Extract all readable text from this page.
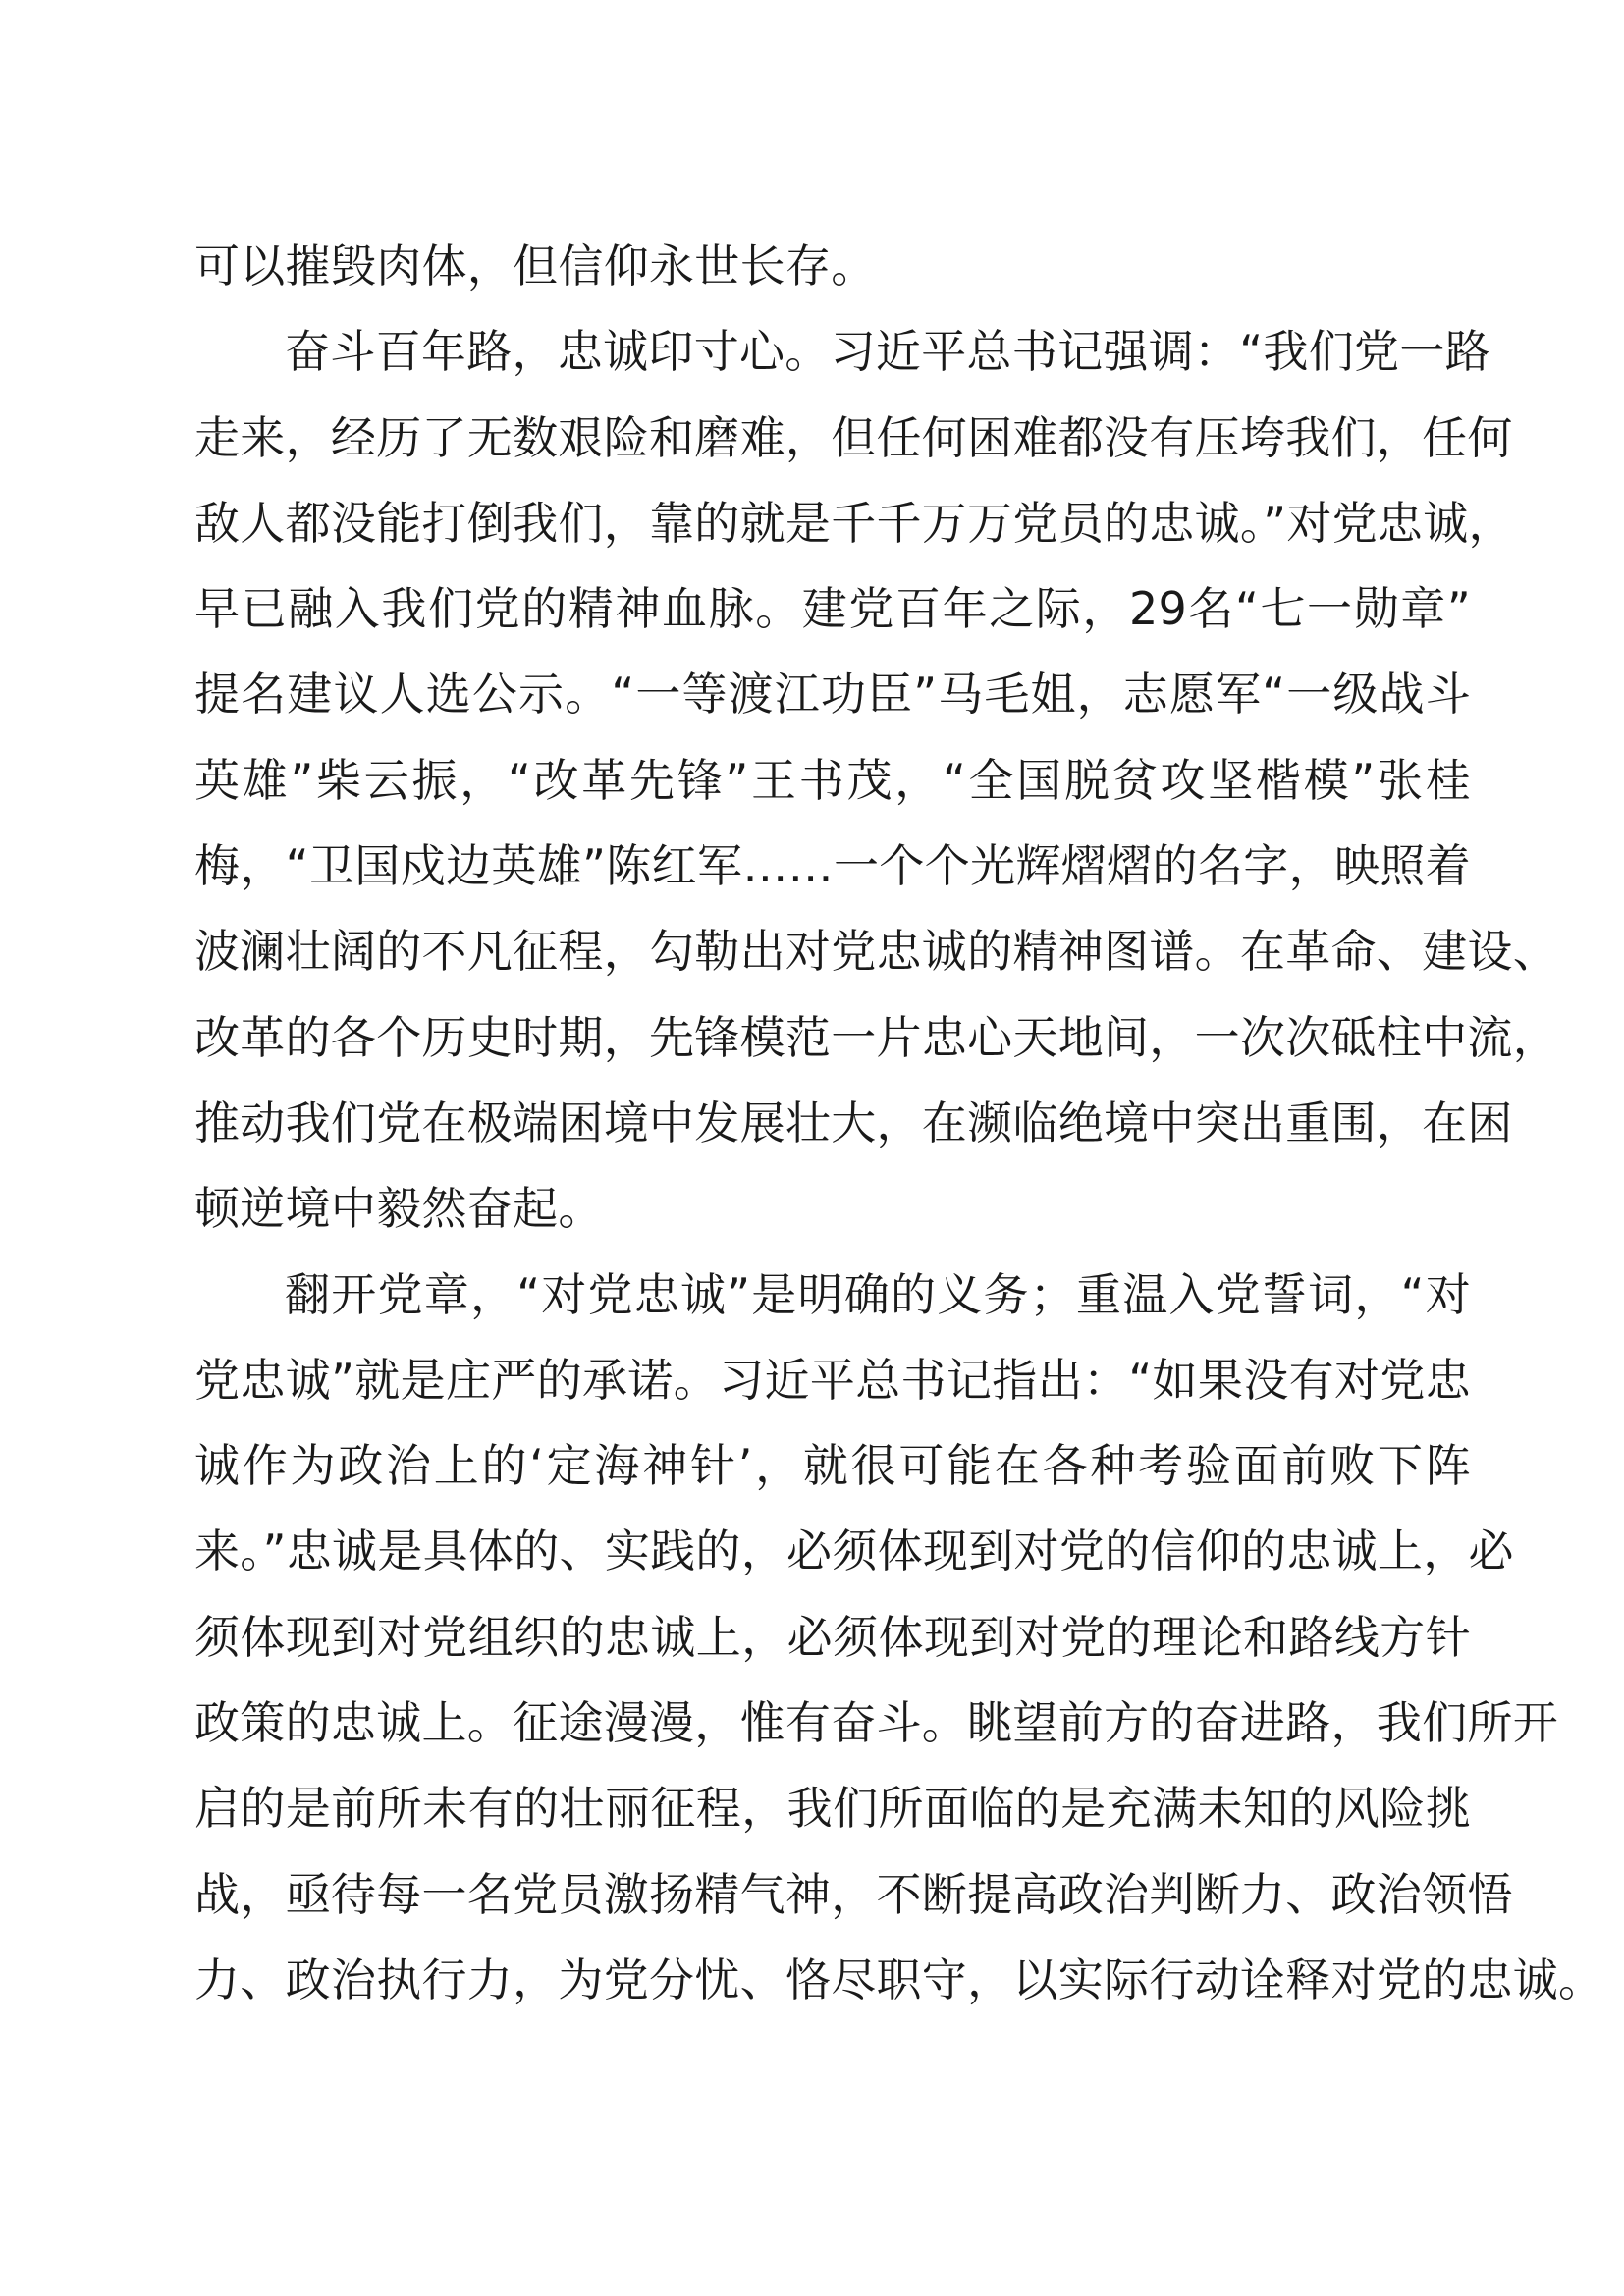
可以摧毁肉体，但信仰永世长存。
奋斗百年路，忠诚印寸心。习近平总书记强调：“我们党一路
走来，经历了无数艰险和磨难，但任何困难都没有压垮我们，任何
敌人都没能打倒我们，靠的就是千千万万党员的忠诚。”对党忠诚，
早已融入我们党的精神血脉。建党百年之际，29名“七一勋章”
提名建议人选公示。“一等渡江功臣”马毛姐，志愿军“一级战斗
英雄”柴云振，“改革先锋”王书茂，“全国脱贫攻坚楷模”张桂
梅，“卫国戍边英雄”陈红军……一个个光辉熠熠的名字，映照着
波澜壮阔的不凡征程，勾勒出对党忠诚的精神图谱。在革命、建设、
改革的各个历史时期，先锋模范一片忠心天地间，一次次砥柱中流，
推动我们党在极端困境中发展壮大，在濒临绝境中突出重围，在困
顿逆境中毅然奋起。
翻开党章，“对党忠诚”是明确的义务；重温入党誓词，“对
党忠诚”就是庄严的承诺。习近平总书记指出：“如果没有对党忠
诚作为政治上的‘定海神针’，就很可能在各种考验面前败下阵
来。”忠诚是具体的、实践的，必须体现到对党的信仰的忠诚上，必
须体现到对党组织的忠诚上，必须体现到对党的理论和路线方针
政策的忠诚上。征途漫漫，惟有奋斗。眺望前方的奋进路，我们所开
启的是前所未有的壮丽征程，我们所面临的是充满未知的风险挑
战，亟待每一名党员激扬精气神，不断提高政治判断力、政治领悟
力、政治执行力，为党分忧、恪尽职守，以实际行动诠释对党的忠诚。
